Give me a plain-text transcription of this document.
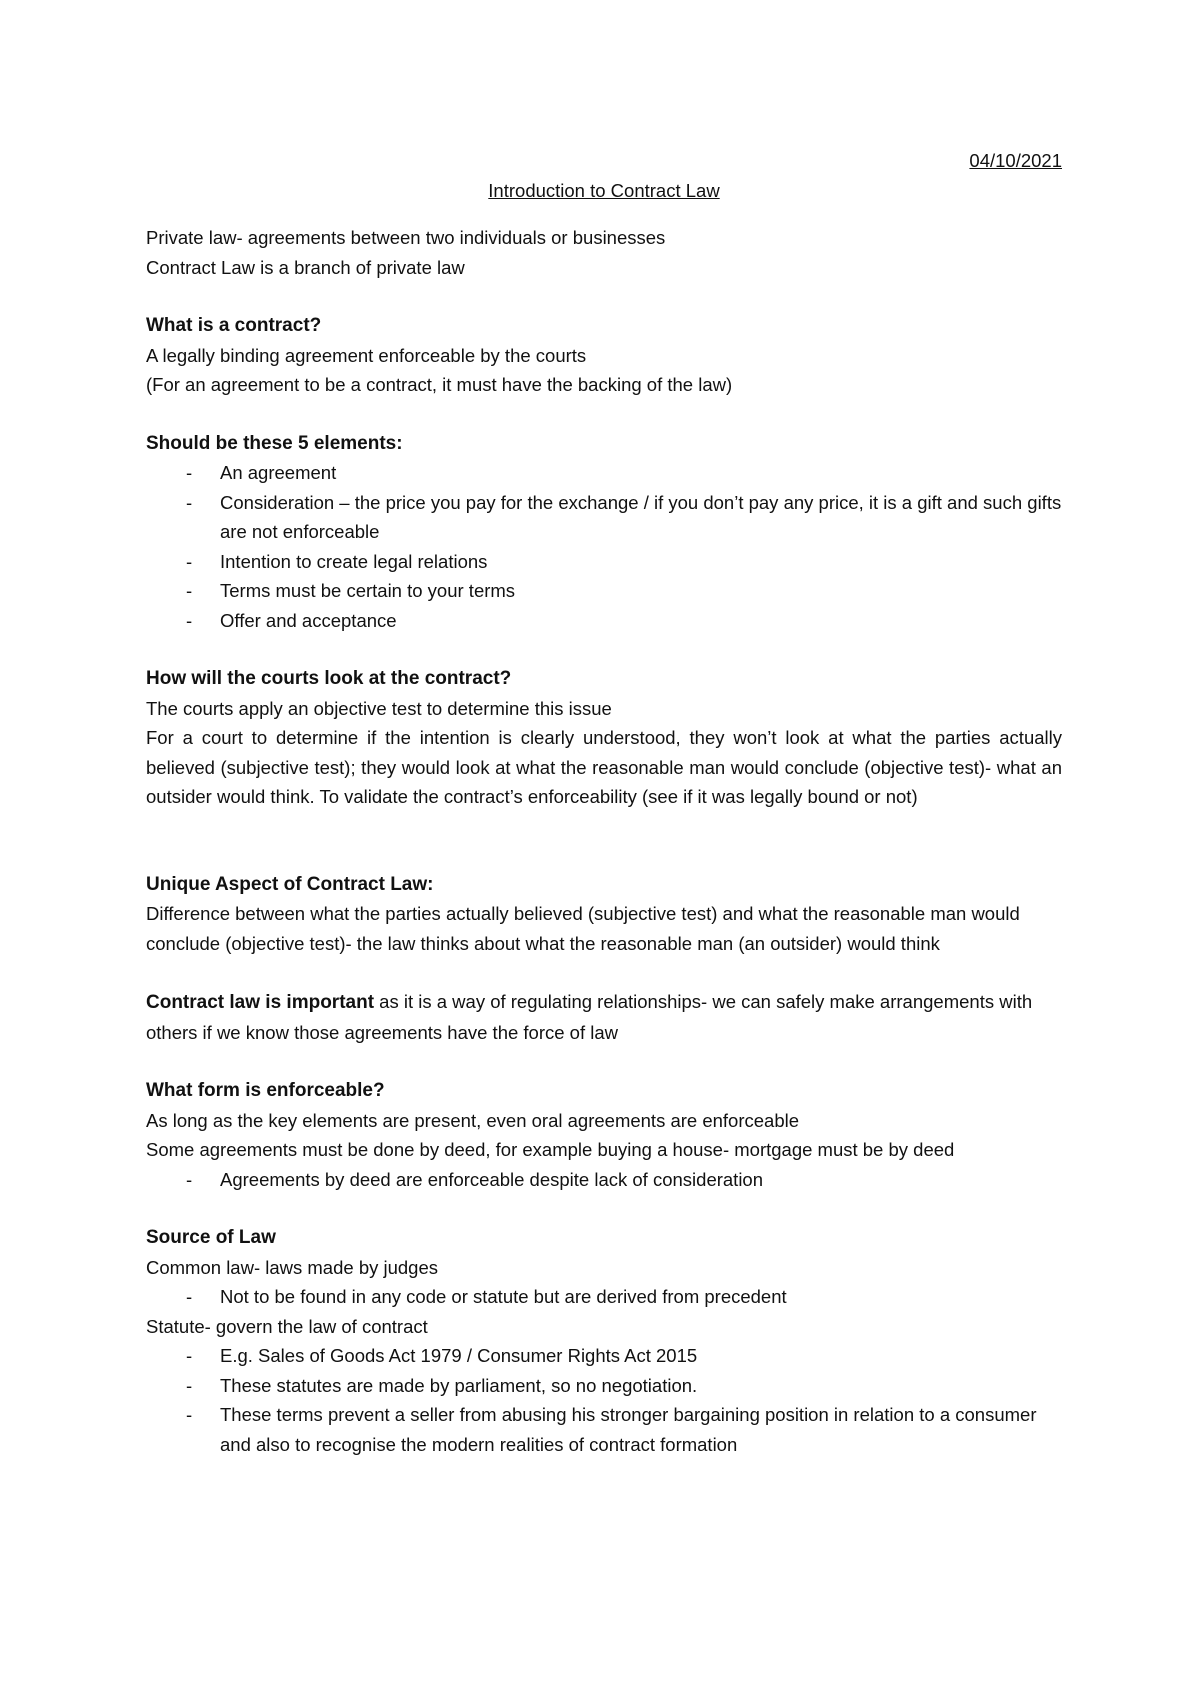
04/10/2021

Introduction to Contract Law

Private law- agreements between two individuals or businesses

Contract Law is a branch of private law

What is a contract?

A legally binding agreement enforceable by the courts

(For an agreement to be a contract, it must have the backing of the law)

Should be these 5 elements:
- An agreement
- Consideration – the price you pay for the exchange / if you don’t pay any price, it is a gift and such gifts are not enforceable
- Intention to create legal relations
- Terms must be certain to your terms
- Offer and acceptance
How will the courts look at the contract?

The courts apply an objective test to determine this issue

For a court to determine if the intention is clearly understood, they won’t look at what the parties actually believed (subjective test); they would look at what the reasonable man would conclude (objective test)- what an outsider would think. To validate the contract’s enforceability (see if it was legally bound or not)

Unique Aspect of Contract Law:

Difference between what the parties actually believed (subjective test) and what the reasonable man would conclude (objective test)- the law thinks about what the reasonable man (an outsider) would think

Contract law is important as it is a way of regulating relationships- we can safely make arrangements with others if we know those agreements have the force of law

What form is enforceable?

As long as the key elements are present, even oral agreements are enforceable

Some agreements must be done by deed, for example buying a house- mortgage must be by deed

- Agreements by deed are enforceable despite lack of consideration
Source of Law

Common law- laws made by judges

- Not to be found in any code or statute but are derived from precedent

Statute- govern the law of contract

- E.g. Sales of Goods Act 1979 / Consumer Rights Act 2015
- These statutes are made by parliament, so no negotiation.
- These terms prevent a seller from abusing his stronger bargaining position in relation to a consumer and also to recognise the modern realities of contract formation
